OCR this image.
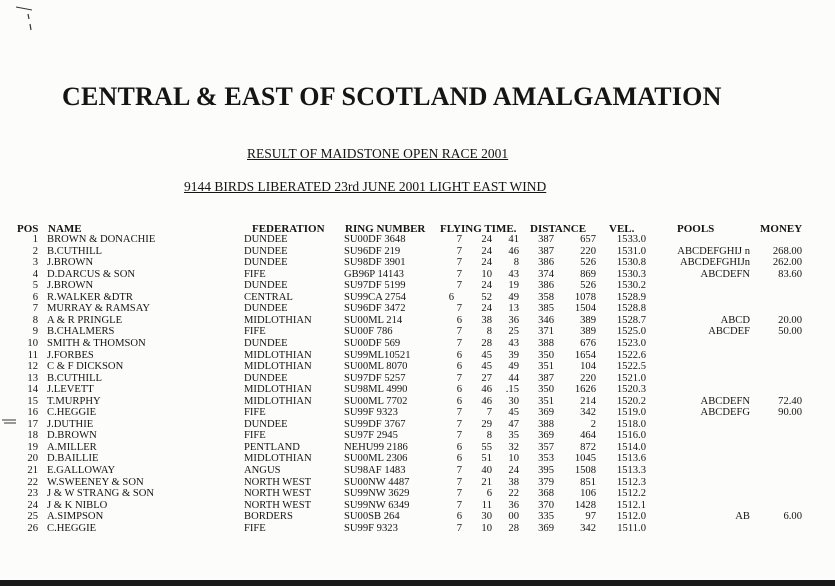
CENTRAL & EAST OF SCOTLAND AMALGAMATION
RESULT OF MAIDSTONE OPEN RACE 2001
9144 BIRDS LIBERATED 23rd JUNE 2001 LIGHT EAST WIND
POS NAME	FEDERATION RING NUMBER FLYING TIME. DISTANCE VEL.	POOLS	MONEY
1 BROWN & DONACHIE	DUNDEE	SU00DF 3648	7	24	41	387	657	1533.0
2 B.CUTHILL	DUNDEE	SU96DF 219	7	24	46	387	220	1531.0	ABCDEFGHIJ n	268.00
3 J.BROWN	DUNDEE	SU98DF 3901	7	24	8	386	526	1530.8	ABCDEFGHIJn	262.00
4 D.DARCUS & SON	FIFE	GB96P 14143	7	10	43	374	869	1530.3	ABCDEFN	83.60
5 J.BROWN	DUNDEE	SU97DF 5199	7	24	19	386	526	1530.2
6 R.WALKER &DTR	CENTRAL	SU99CA 2754	6	52	49	358	1078	1528.9
7 MURRAY & RAMSAY	DUNDEE	SU96DF 3472	7	24	13	385	1504	1528.8
8 A & R PRINGLE	MIDLOTHIAN	SU00ML 214	6	38	36	346	389	1528.7	ABCD	20.00
9 B.CHALMERS	FIFE	SU00F 786	7	8	25	371	389	1525.0	ABCDEF	50.00
10 SMITH & THOMSON	DUNDEE	SU00DF 569	7	28	43	388	676	1523.0
11 J.FORBES	MIDLOTHIAN	SU99ML10521	6	45	39	350	1654	1522.6
12 C & F DICKSON	MIDLOTHIAN	SU00ML 8070	6	45	49	351	104	1522.5
13 B.CUTHILL	DUNDEE	SU97DF 5257	7	27	44	387	220	1521.0
14 J.LEVETT	MIDLOTHIAN	SU98ML 4990	6	46	.15	350	1626	1520.3
15 T.MURPHY	MIDLOTHIAN	SU00ML 7702	6	46	30	351	214	1520.2	ABCDEFN	72.40
16 C.HEGGIE	FIFE	SU99F 9323	7	7	45	369	342	1519.0	ABCDEFG	90.00
17 J.DUTHIE	DUNDEE	SU99DF 3767	7	29	47	388	2	1518.0
18 D.BROWN	FIFE	SU97F 2945	7	8	35	369	464	1516.0
19 A.MILLER	PENTLAND	NEHU99 2186	6	55	32	357	872	1514.0
20 D.BAILLIE	MIDLOTHIAN	SU00ML 2306	6	51	10	353	1045	1513.6
21 E.GALLOWAY	ANGUS	SU98AF 1483	7	40	24	395	1508	1513.3
22 W.SWEENEY & SON	NORTH WEST	SU00NW 4487	7	21	38	379	851	1512.3
23 J & W STRANG & SON	NORTH WEST	SU99NW 3629	7	6	22	368	106	1512.2
24 J & K NIBLO	NORTH WEST	SU99NW 6349	7	11	36	370	1428	1512.1
25 A.SIMPSON	BORDERS	SU00SB 264	6	30	00	335	97	1512.0	AB	6.00
26 C.HEGGIE	FIFE	SU99F 9323	7	10	28	369	342	1511.0
